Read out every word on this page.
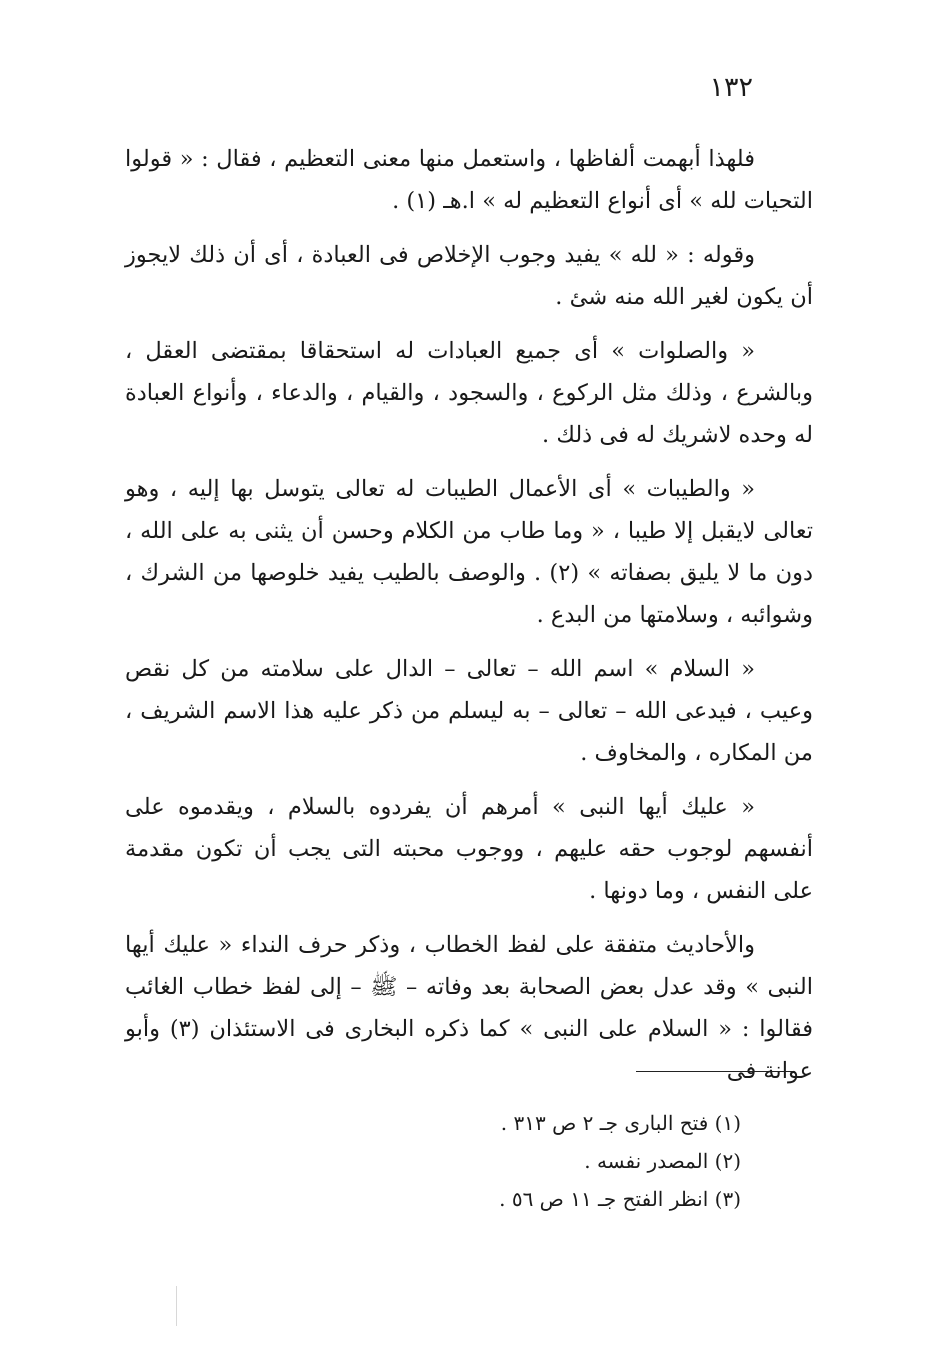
١٣٢

فلهذا أبهمت ألفاظها ، واستعمل منها معنى التعظيم ، فقال : « قولوا التحيات لله » أى أنواع التعظيم له » ا.هـ (١) .

وقوله : « لله » يفيد وجوب الإخلاص فى العبادة ، أى أن ذلك لايجوز أن يكون لغير الله منه شئ .

« والصلوات » أى جميع العبادات له استحقاقا بمقتضى العقل ، وبالشرع ، وذلك مثل الركوع ، والسجود ، والقيام ، والدعاء ، وأنواع العبادة له وحده لاشريك له فى ذلك .

« والطيبات » أى الأعمال الطيبات له تعالى يتوسل بها إليه ، وهو تعالى لايقبل إلا طيبا ، « وما طاب من الكلام وحسن أن يثنى به على الله ، دون ما لا يليق بصفاته » (٢) . والوصف بالطيب يفيد خلوصها من الشرك ، وشوائبه ، وسلامتها من البدع .

« السلام » اسم الله – تعالى – الدال على سلامته من كل نقص وعيب ، فيدعى الله – تعالى – به ليسلم من ذكر عليه هذا الاسم الشريف ، من المكاره ، والمخاوف .

« عليك أيها النبى » أمرهم أن يفردوه بالسلام ، ويقدموه على أنفسهم لوجوب حقه عليهم ، ووجوب محبته التى يجب أن تكون مقدمة على النفس ، وما دونها .

والأحاديث متفقة على لفظ الخطاب ، وذكر حرف النداء « عليك أيها النبى » وقد عدل بعض الصحابة بعد وفاته – ﷺ – إلى لفظ خطاب الغائب فقالوا : « السلام على النبى » كما ذكره البخارى فى الاستئذان (٣) وأبو عوانة فى

(١) فتح البارى جـ ٢ ص ٣١٣ .

(٢) المصدر نفسه .

(٣) انظر الفتح جـ ١١ ص ٥٦ .
